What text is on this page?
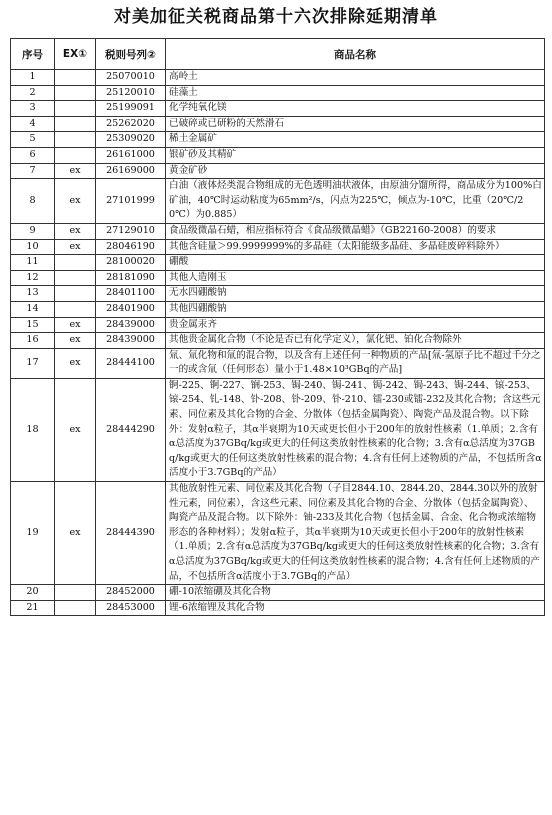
对美加征关税商品第十六次排除延期清单
序号	EX①	税则号列②	商品名称
1		25070010	高岭土
2		25120010	硅藻土
3		25199091	化学纯氧化镁
4		25262020	已破碎或已研粉的天然滑石
5		25309020	稀土金属矿
6		26161000	银矿砂及其精矿
7	ex	26169000	黄金矿砂
8	ex	27101999	白油（液体烃类混合物组成的无色透明油状液体，由原油分馏所得，商品成分为100%白矿油，40℃时运动粘度为65mm²/s，闪点为225℃，倾点为-10℃，比重（20℃/20℃）为0.885）
9	ex	27129010	食品级微晶石蜡，相应指标符合《食品级微晶蜡》（GB22160-2008）的要求
10	ex	28046190	其他含硅量＞99.9999999%的多晶硅（太阳能级多晶硅、多晶硅废碎料除外）
11		28100020	硼酸
12		28181090	其他人造刚玉
13		28401100	无水四硼酸钠
14		28401900	其他四硼酸钠
15	ex	28439000	贵金属汞齐
16	ex	28439000	其他贵金属化合物（不论是否已有化学定义），氯化钯、铂化合物除外
17	ex	28444100	氚、氚化物和氚的混合物，以及含有上述任何一种物质的产品[氚-氢原子比不超过千分之一的或含氚（任何形态）量小于1.48×10³GBq的产品]
18	ex	28444290	锕-225、锕-227、锎-253、锔-240、锔-241、锔-242、锔-243、锔-244、锿-253、锿-254、钆-148、钋-208、钋-209、钋-210、镭-230或镭-232及其化合物；含这些元素、同位素及其化合物的合金、分散体（包括金属陶瓷）、陶瓷产品及混合物。以下除外：发射α粒子，其α半衰期为10天或更长但小于200年的放射性核素（1.单质；2.含有α总活度为37GBq/kg或更大的任何这类放射性核素的化合物；3.含有α总活度为37GBq/kg或更大的任何这类放射性核素的混合物；4.含有任何上述物质的产品，不包括所含α活度小于3.7GBq的产品）
19	ex	28444390	其他放射性元素、同位素及其化合物（子目2844.10、2844.20、2844.30以外的放射性元素，同位素），含这些元素、同位素及其化合物的合金、分散体（包括金属陶瓷）、陶瓷产品及混合物。以下除外：铀-233及其化合物（包括金属、合金、化合物或浓缩物形态的各种材料）；发射α粒子，其α半衰期为10天或更长但小于200年的放射性核素（1.单质；2.含有α总活度为37GBq/kg或更大的任何这类放射性核素的化合物；3.含有α总活度为37GBq/kg或更大的任何这类放射性核素的混合物；4.含有任何上述物质的产品，不包括所含α活度小于3.7GBq的产品）
20		28452000	硼-10浓缩硼及其化合物
21		28453000	锂-6浓缩锂及其化合物
